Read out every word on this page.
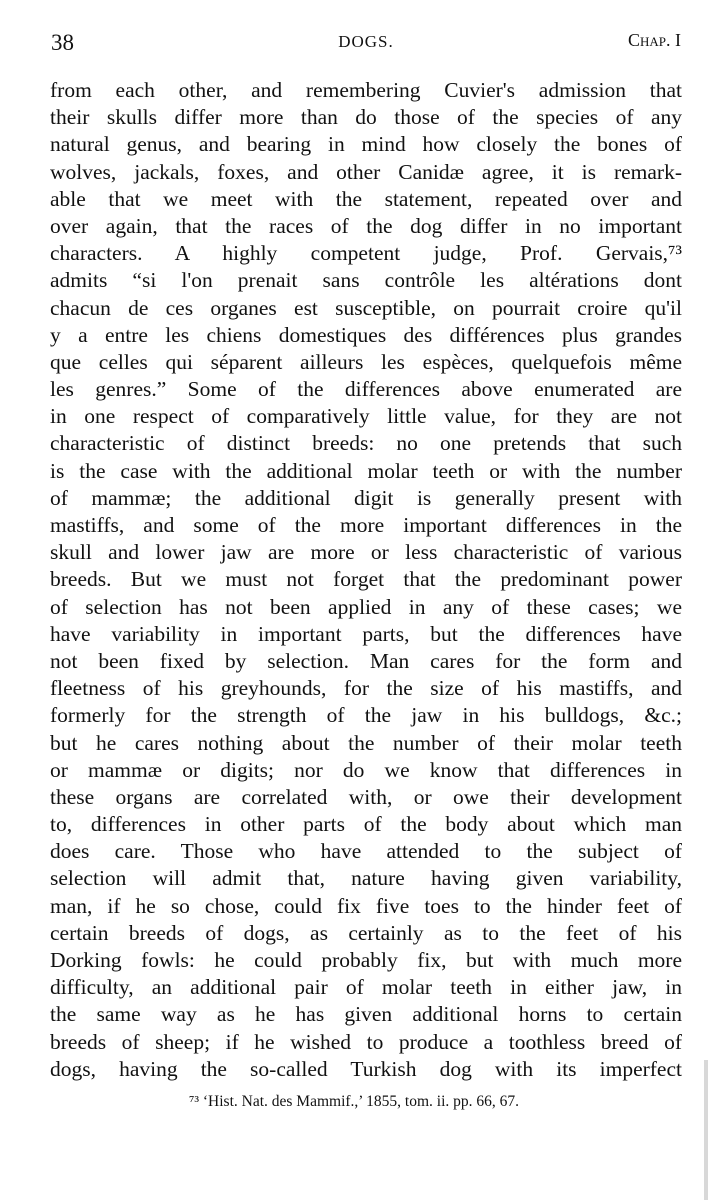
38	DOGS.	Chap. I
from each other, and remembering Cuvier's admission that
their skulls differ more than do those of the species of any
natural genus, and bearing in mind how closely the bones of
wolves, jackals, foxes, and other Canidæ agree, it is remark-
able that we meet with the statement, repeated over and
over again, that the races of the dog differ in no important
characters. A highly competent judge, Prof. Gervais,⁷³
admits “si l'on prenait sans contrôle les altérations dont
chacun de ces organes est susceptible, on pourrait croire qu'il
y a entre les chiens domestiques des différences plus grandes
que celles qui séparent ailleurs les espèces, quelquefois même
les genres.” Some of the differences above enumerated are
in one respect of comparatively little value, for they are not
characteristic of distinct breeds: no one pretends that such
is the case with the additional molar teeth or with the number
of mammæ; the additional digit is generally present with
mastiffs, and some of the more important differences in the
skull and lower jaw are more or less characteristic of various
breeds. But we must not forget that the predominant power
of selection has not been applied in any of these cases; we
have variability in important parts, but the differences have
not been fixed by selection. Man cares for the form and
fleetness of his greyhounds, for the size of his mastiffs, and
formerly for the strength of the jaw in his bulldogs, &c.;
but he cares nothing about the number of their molar teeth
or mammæ or digits; nor do we know that differences in
these organs are correlated with, or owe their development
to, differences in other parts of the body about which man
does care. Those who have attended to the subject of
selection will admit that, nature having given variability,
man, if he so chose, could fix five toes to the hinder feet of
certain breeds of dogs, as certainly as to the feet of his
Dorking fowls: he could probably fix, but with much more
difficulty, an additional pair of molar teeth in either jaw, in
the same way as he has given additional horns to certain
breeds of sheep; if he wished to produce a toothless breed of
dogs, having the so-called Turkish dog with its imperfect
⁷³ ‘Hist. Nat. des Mammif.,’ 1855, tom. ii. pp. 66, 67.
